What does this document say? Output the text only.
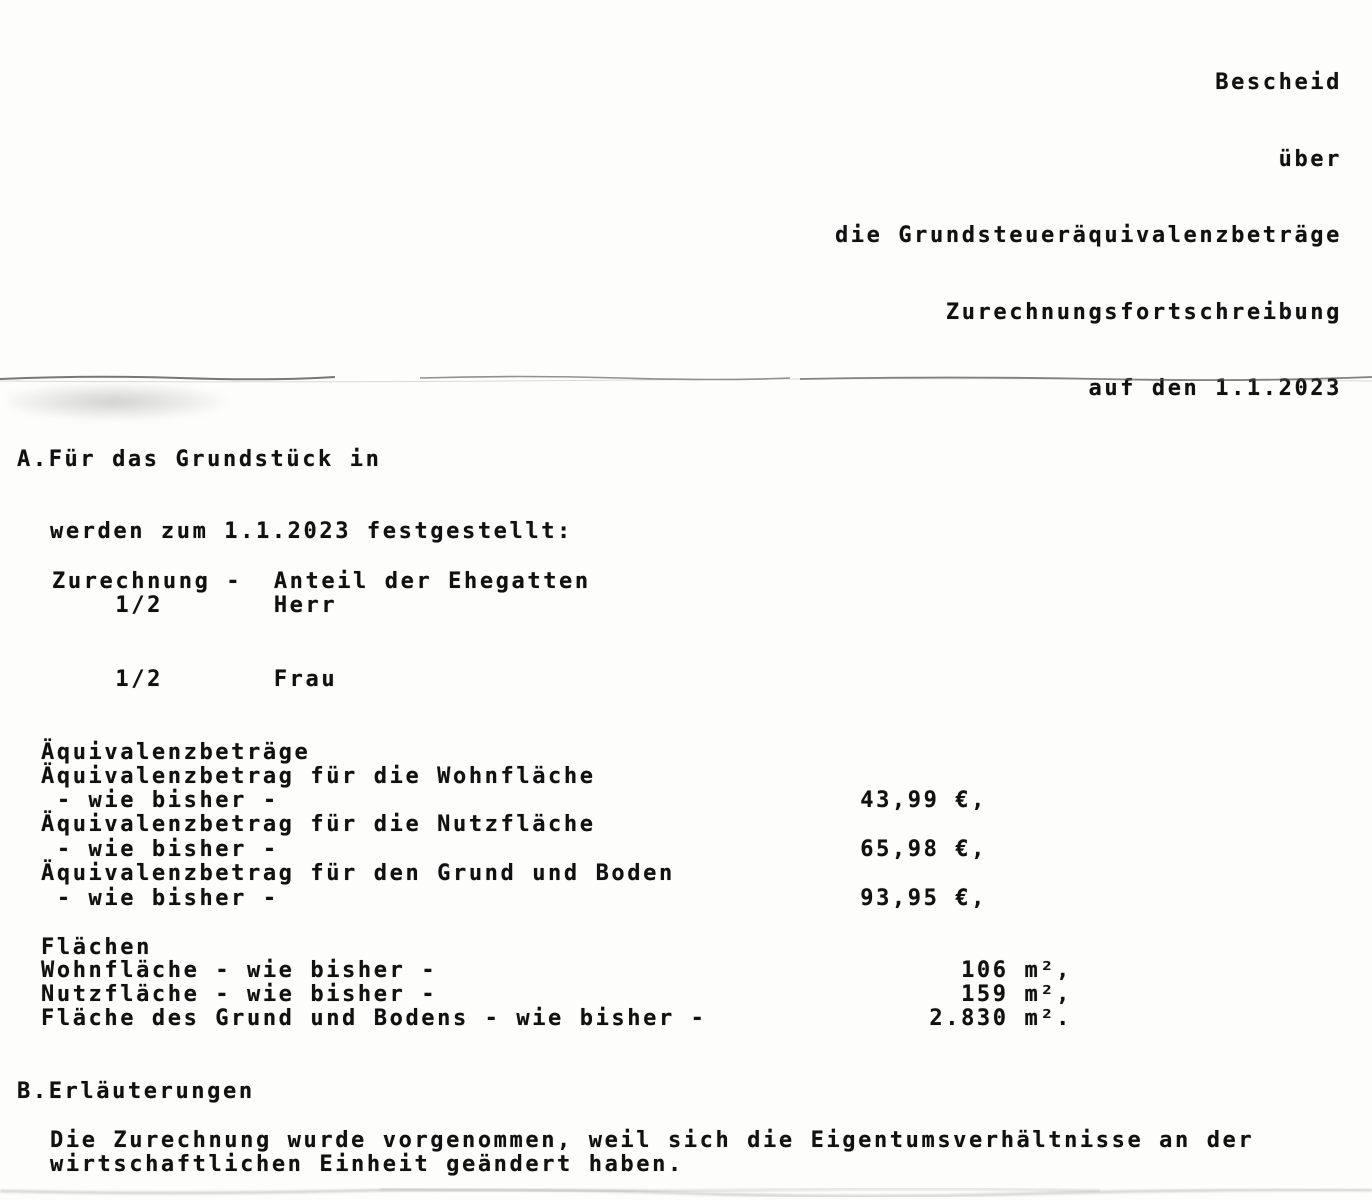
Bescheid

über

die Grundsteueräquivalenzbeträge

Zurechnungsfortschreibung

auf den 1.1.2023

A.Für das Grundstück in
werden zum 1.1.2023 festgestellt:
Zurechnung -  Anteil der Ehegatten
1/2       Herr
1/2       Frau
Äquivalenzbeträge
Äquivalenzbetrag für die Wohnfläche
- wie bisher -	43,99 €,
Äquivalenzbetrag für die Nutzfläche
- wie bisher -	65,98 €,
Äquivalenzbetrag für den Grund und Boden
- wie bisher -	93,95 €,
Flächen
Wohnfläche - wie bisher -	106 m²,
Nutzfläche - wie bisher -	159 m²,
Fläche des Grund und Bodens - wie bisher -	2.830 m².
B.Erläuterungen
Die Zurechnung wurde vorgenommen, weil sich die Eigentumsverhältnisse an der
wirtschaftlichen Einheit geändert haben.
